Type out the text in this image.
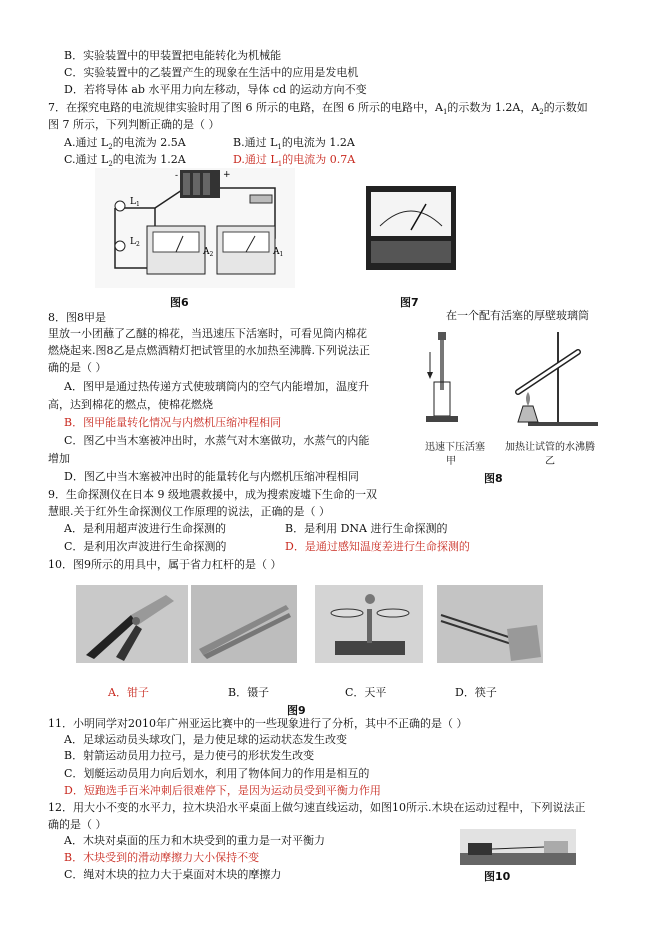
B．实验装置中的甲装置把电能转化为机械能
C．实验装置中的乙装置产生的现象在生活中的应用是发电机
D．若将导体 ab 水平用力向左移动，导体 cd 的运动方向不变
7．在探究电路的电流规律实验时用了图 6 所示的电路，在图 6 所示的电路中，$A_1$的示数为 1.2A，$A_2$的示数如
图 7 所示，下列判断正确的是（ ）
A.通过 $L_2$的电流为 2.5A	B.通过 $L_1$的电流为 1.2A
C.通过 $L_2$的电流为 1.2A	D.通过 $L_1$的电流为 0.7A
-	+
$L_1$
$L_2$
$A_2$	$A_1$
图6	图7
8．图8甲是	在一个配有活塞的厚壁玻璃筒
里放一小团蘸了乙醚的棉花，当迅速压下活塞时，可看见筒内棉花
燃烧起来.图8乙是点燃酒精灯把试管里的水加热至沸腾.下列说法正
确的是（ ）
A．图甲是通过热传递方式使玻璃筒内的空气内能增加，温度升
高，达到棉花的燃点，使棉花燃烧
B．图甲能量转化情况与内燃机压缩冲程相同
C．图乙中当木塞被冲出时，水蒸气对木塞做功，水蒸气的内能
增加
D．图乙中当木塞被冲出时的能量转化与内燃机压缩冲程相同
迅速下压活塞
甲
加热让试管的水沸腾
乙
图8
9．生命探测仪在日本 9 级地震救援中，成为搜索废墟下生命的一双
慧眼.关于红外生命探测仪工作原理的说法，正确的是（ ）
A．是利用超声波进行生命探测的	B．是利用 DNA 进行生命探测的
C．是利用次声波进行生命探测的	D．是通过感知温度差进行生命探测的
10．图9所示的用具中，属于省力杠杆的是（ ）
A．钳子	B．镊子	C．天平	D．筷子
图9
11．小明同学对2010年广州亚运比赛中的一些现象进行了分析，其中不正确的是（ ）
A．足球运动员头球攻门，是力使足球的运动状态发生改变
B．射箭运动员用力拉弓，是力使弓的形状发生改变
C．划艇运动员用力向后划水，利用了物体间力的作用是相互的
D．短跑选手百米冲刺后很难停下，是因为运动员受到平衡力作用
12．用大小不变的水平力，拉木块沿水平桌面上做匀速直线运动，如图10所示.木块在运动过程中，下列说法正
确的是（ ）
A．木块对桌面的压力和木块受到的重力是一对平衡力
B．木块受到的滑动摩擦力大小保持不变
C．绳对木块的拉力大于桌面对木块的摩擦力	图10
